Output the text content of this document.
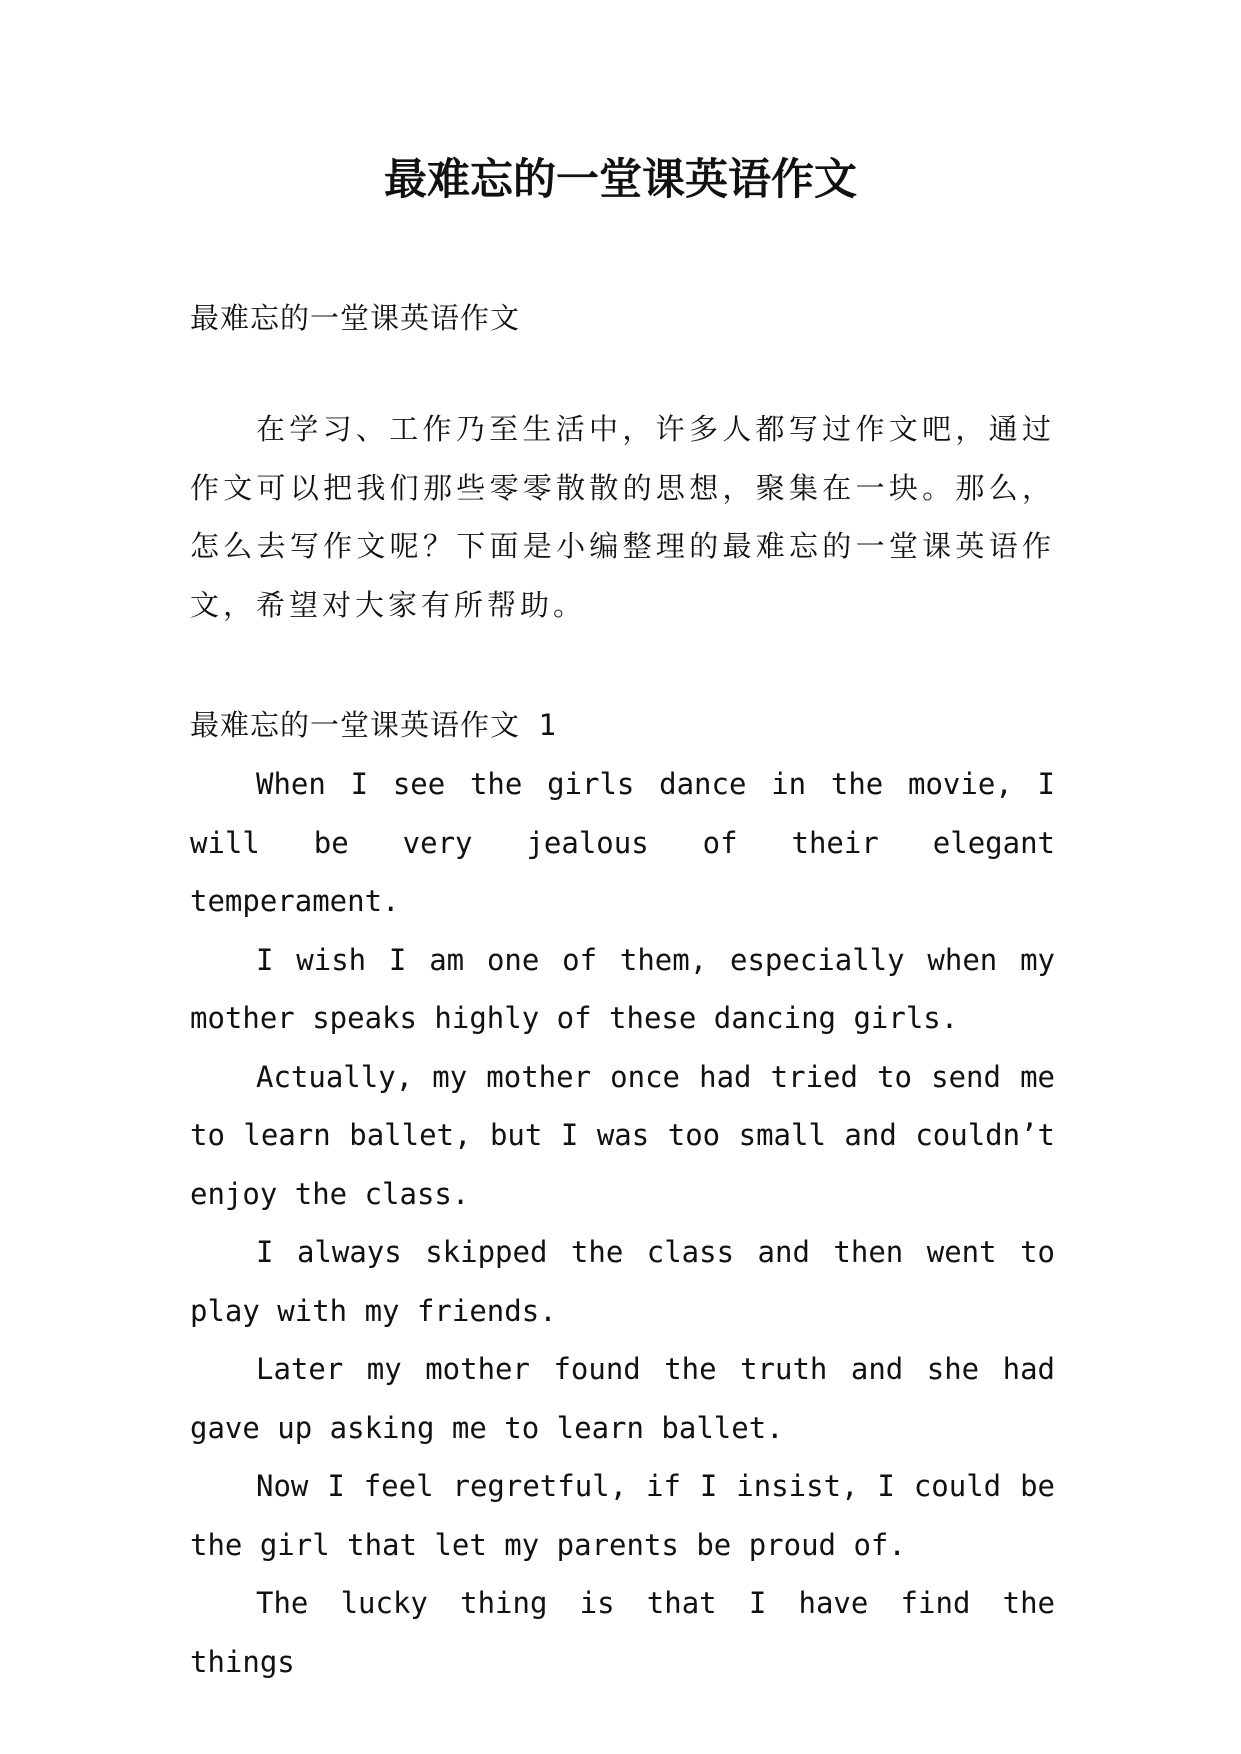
最难忘的一堂课英语作文

最难忘的一堂课英语作文

在学习、工作乃至生活中，许多人都写过作文吧，通过作文可以把我们那些零零散散的思想，聚集在一块。那么，怎么去写作文呢？下面是小编整理的最难忘的一堂课英语作文，希望对大家有所帮助。

最难忘的一堂课英语作文 1

When I see the girls dance in the movie, I will be very jealous of their elegant temperament.

I wish I am one of them, especially when my mother speaks highly of these dancing girls.

Actually, my mother once had tried to send me to learn ballet, but I was too small and couldn’t enjoy the class.

I always skipped the class and then went to play with my friends.

Later my mother found the truth and she had gave up asking me to learn ballet.

Now I feel regretful, if I insist, I could be the girl that let my parents be proud of.

The lucky thing is that I have find the things
